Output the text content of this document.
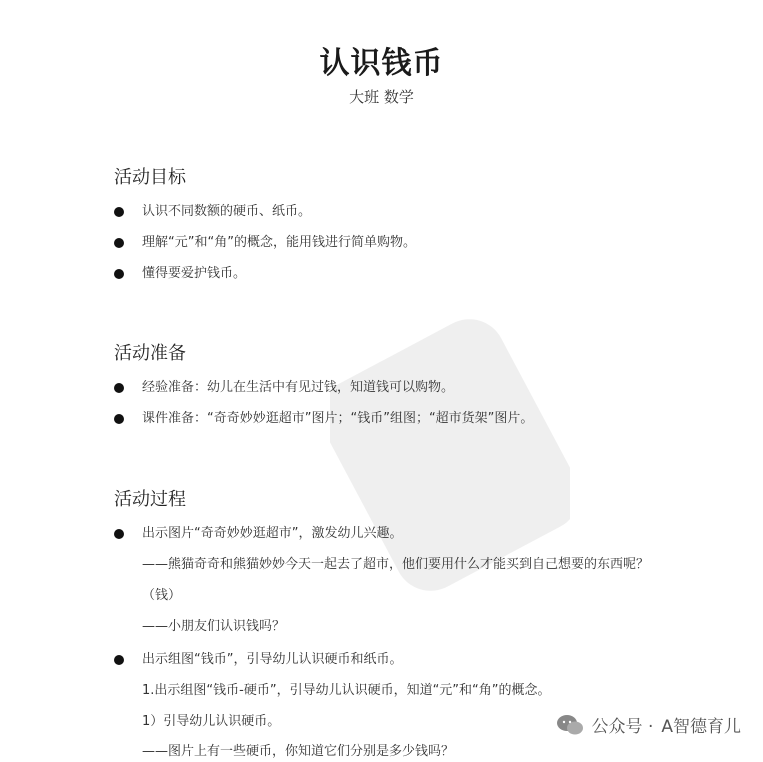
认识钱币
大班 数学
活动目标
认识不同数额的硬币、纸币。
理解“元”和“角”的概念，能用钱进行简单购物。
懂得要爱护钱币。
活动准备
经验准备：幼儿在生活中有见过钱，知道钱可以购物。
课件准备：“奇奇妙妙逛超市”图片；“钱币”组图；“超市货架”图片。
活动过程
出示图片“奇奇妙妙逛超市”，激发幼儿兴趣。
——熊猫奇奇和熊猫妙妙今天一起去了超市，他们要用什么才能买到自己想要的东西呢？
（钱）
——小朋友们认识钱吗？
出示组图“钱币”，引导幼儿认识硬币和纸币。
1.出示组图“钱币-硬币”，引导幼儿认识硬币，知道“元”和“角”的概念。
1）引导幼儿认识硬币。
——图片上有一些硬币，你知道它们分别是多少钱吗？
公众号 · A智德育儿
